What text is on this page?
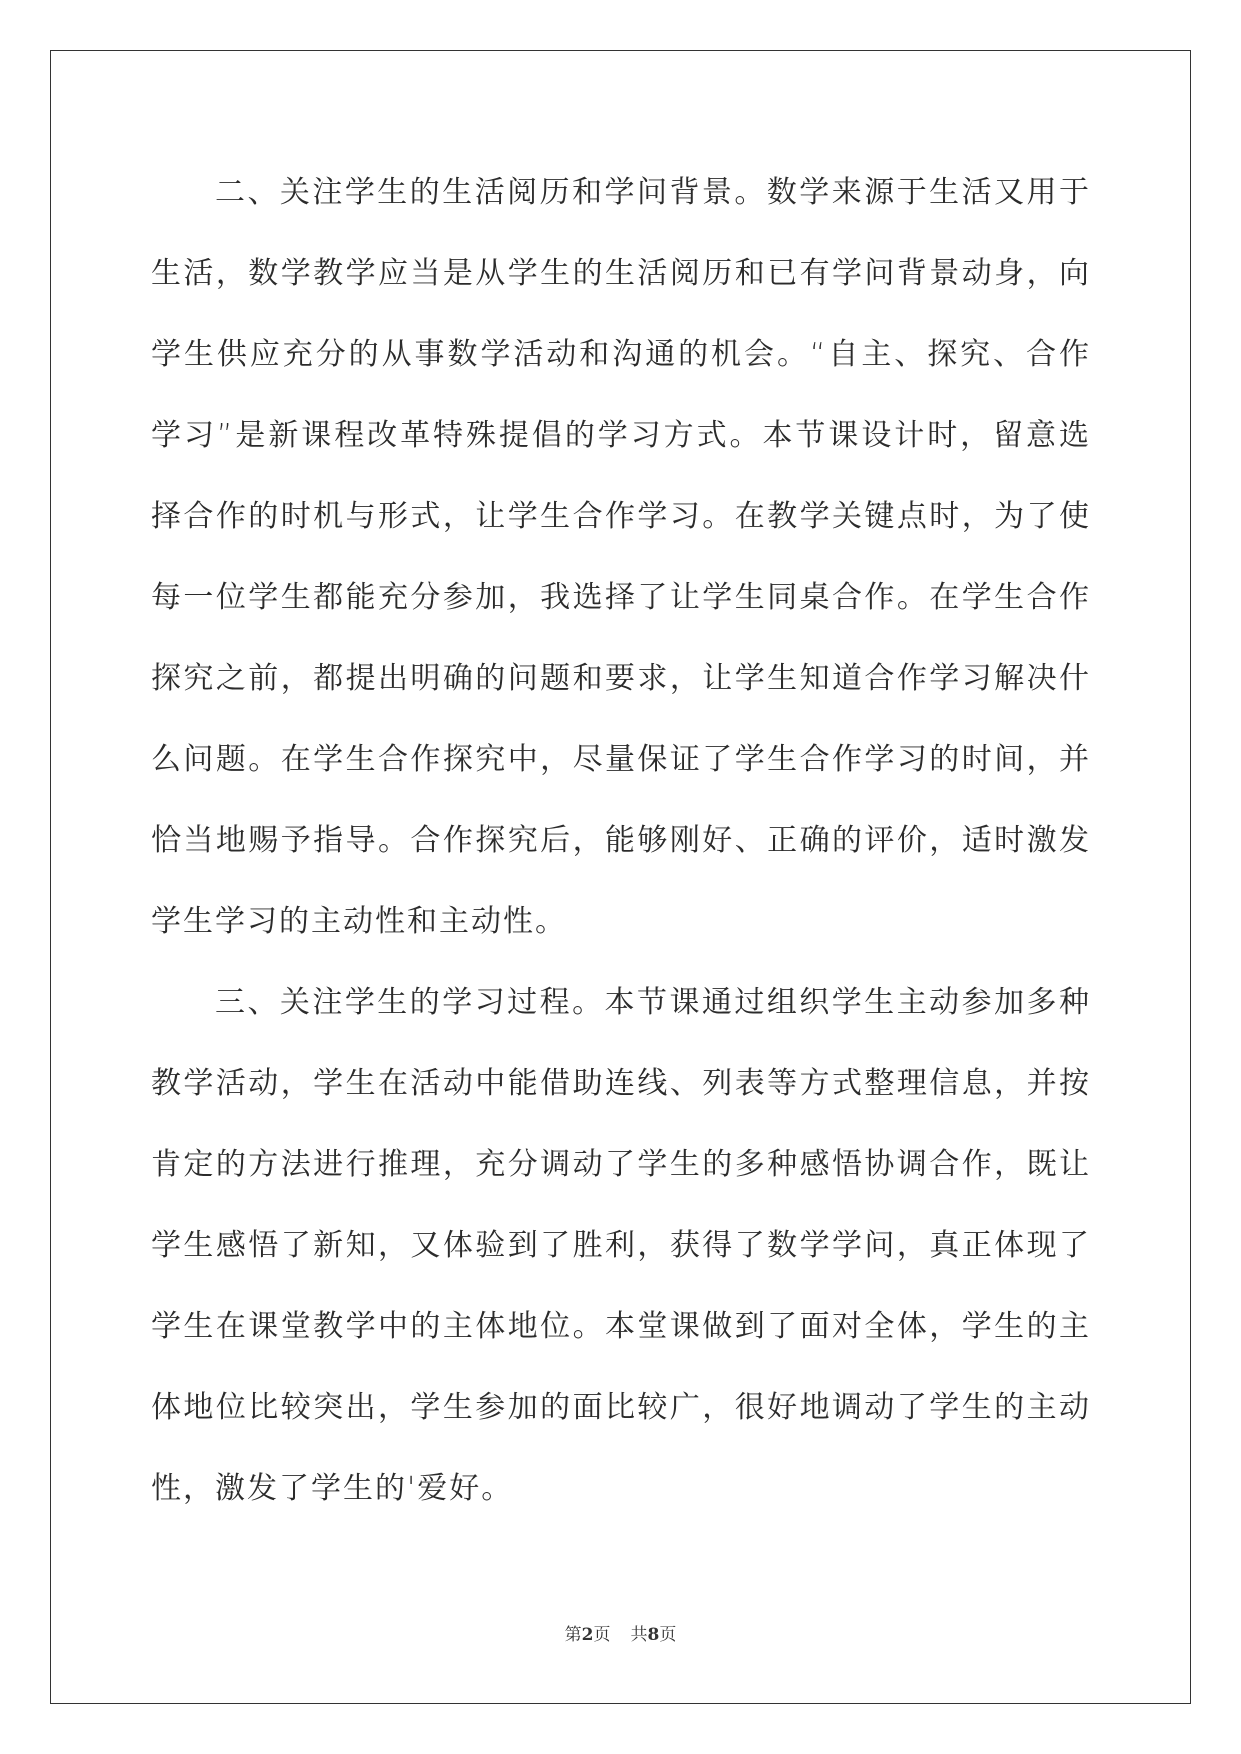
二、关注学生的生活阅历和学问背景。数学来源于生活又用于生活，数学教学应当是从学生的生活阅历和已有学问背景动身，向学生供应充分的从事数学活动和沟通的机会。“自主、探究、合作学习”是新课程改革特殊提倡的学习方式。本节课设计时，留意选择合作的时机与形式，让学生合作学习。在教学关键点时，为了使每一位学生都能充分参加，我选择了让学生同桌合作。在学生合作探究之前，都提出明确的问题和要求，让学生知道合作学习解决什么问题。在学生合作探究中，尽量保证了学生合作学习的时间，并恰当地赐予指导。合作探究后，能够刚好、正确的评价，适时激发学生学习的主动性和主动性。

三、关注学生的学习过程。本节课通过组织学生主动参加多种教学活动，学生在活动中能借助连线、列表等方式整理信息，并按肯定的方法进行推理，充分调动了学生的多种感悟协调合作，既让学生感悟了新知，又体验到了胜利，获得了数学学问，真正体现了学生在课堂教学中的主体地位。本堂课做到了面对全体，学生的主体地位比较突出，学生参加的面比较广，很好地调动了学生的主动性，激发了学生的'爱好。

第2页 共8页
